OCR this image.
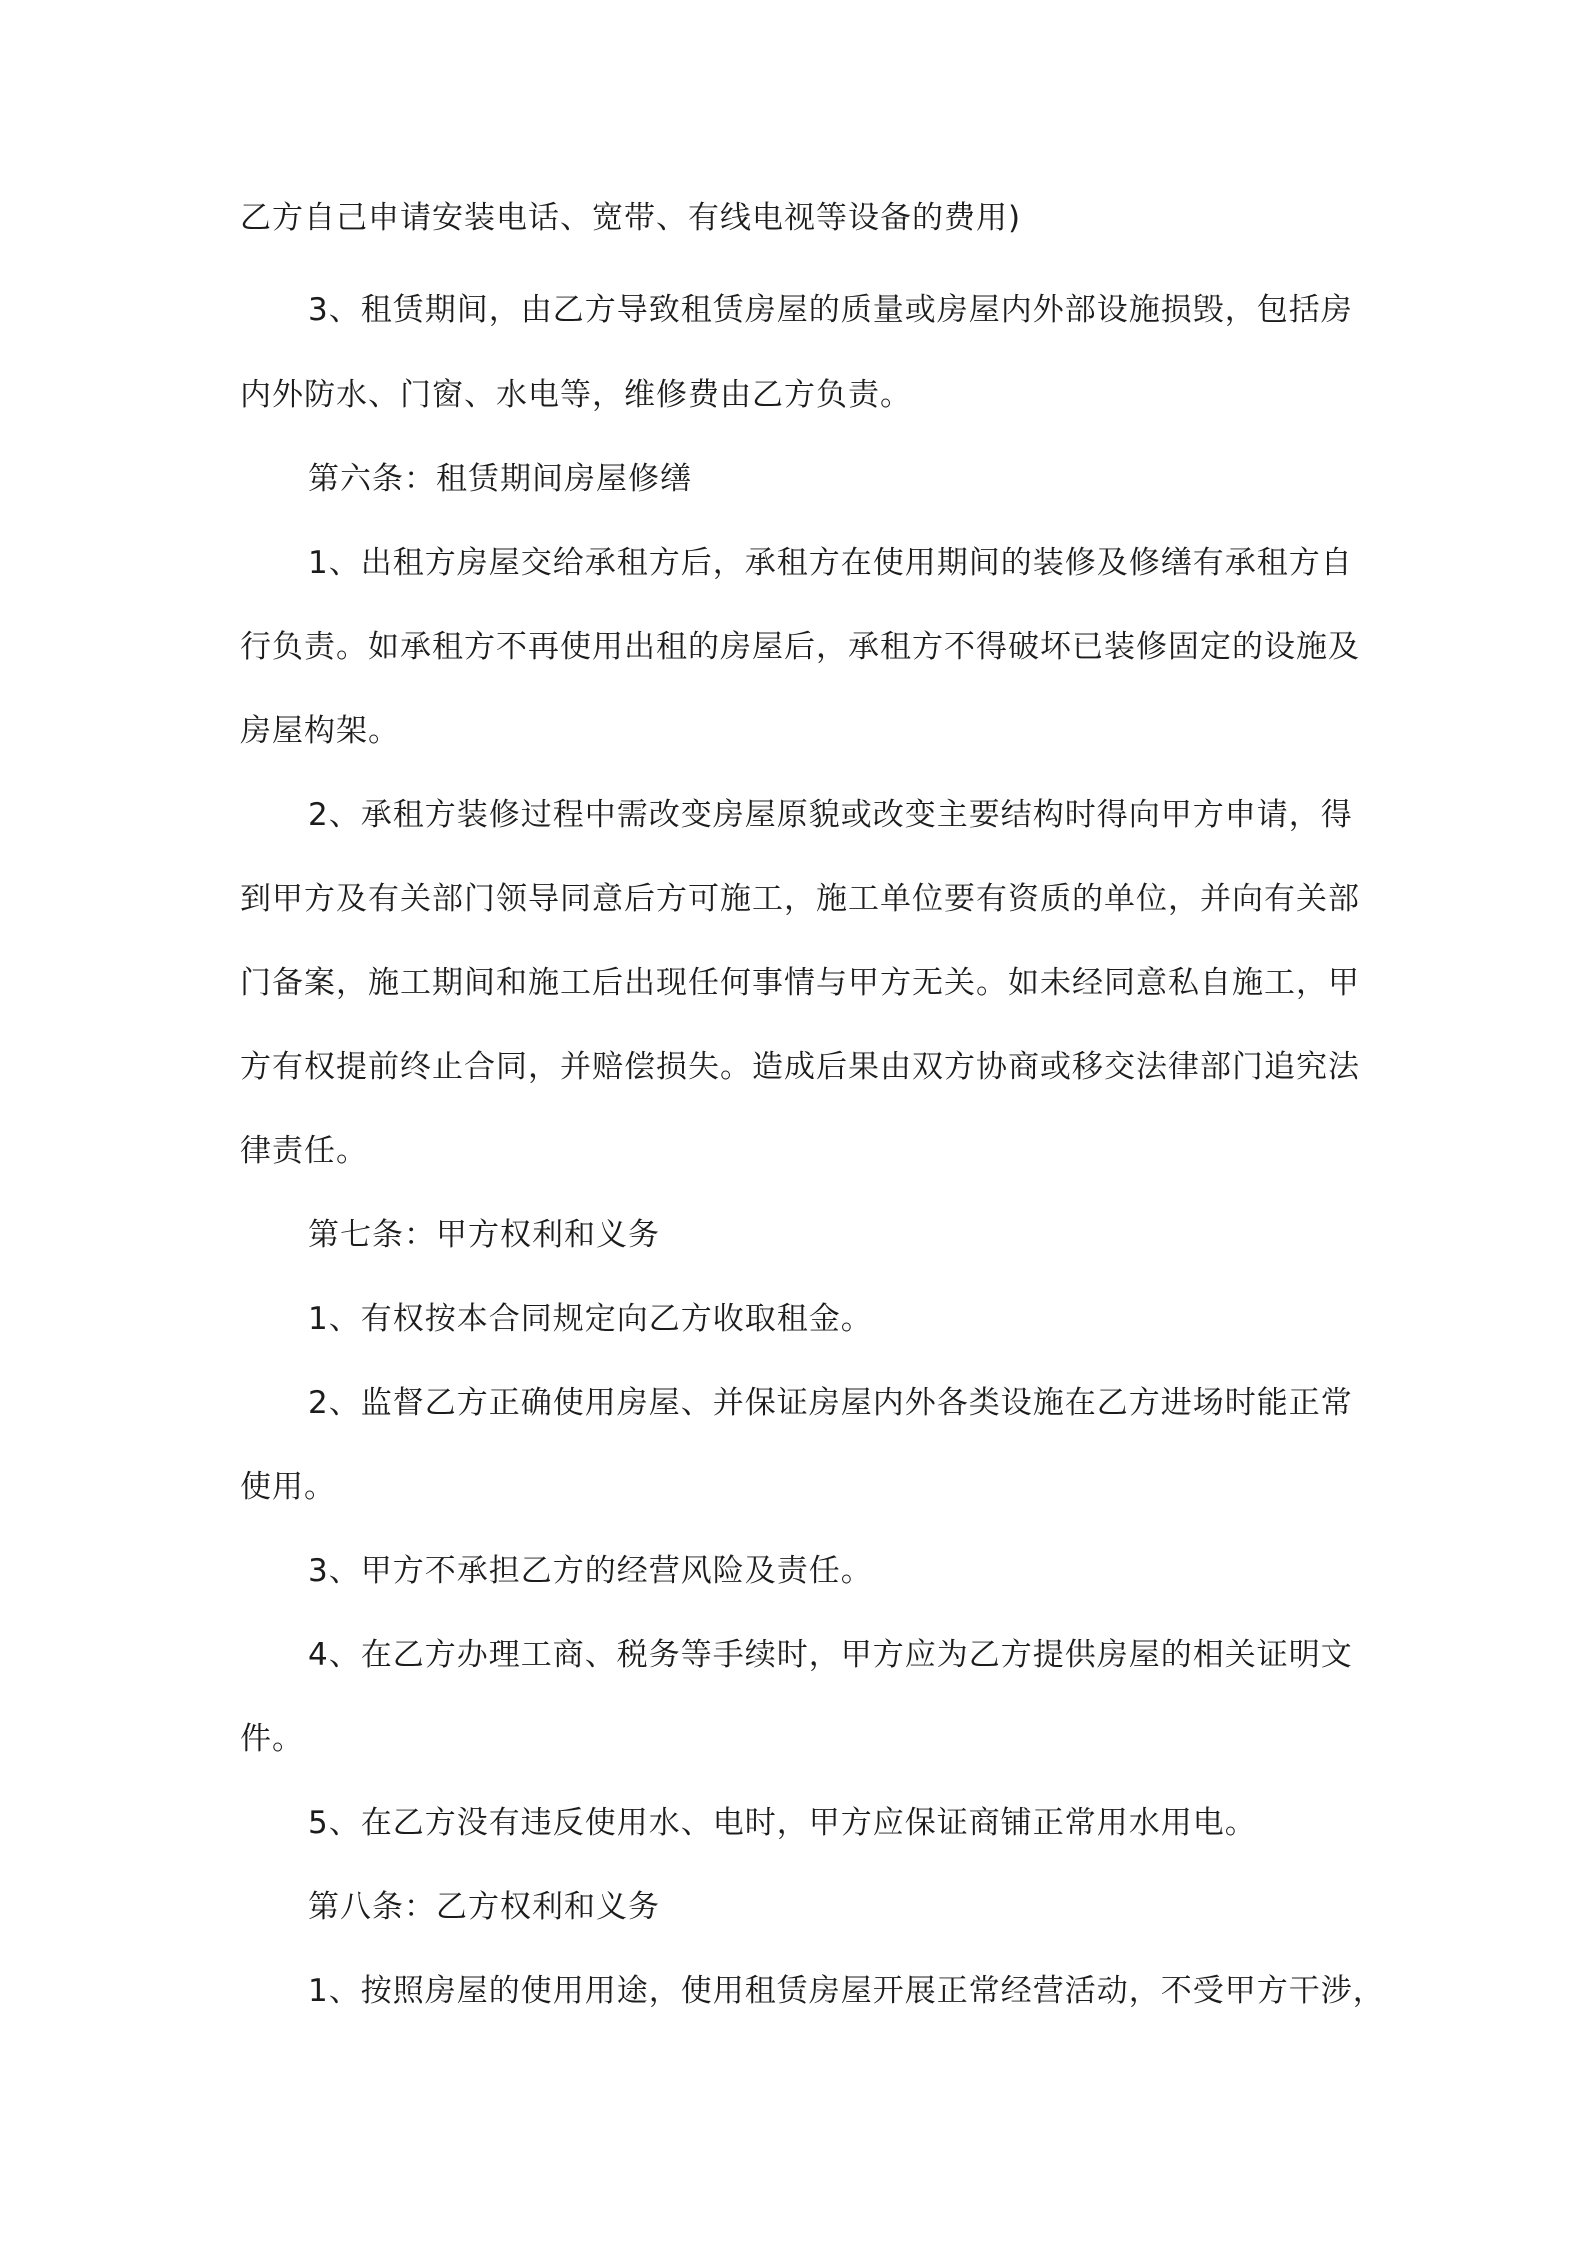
乙方自己申请安装电话、宽带、有线电视等设备的费用)
3、租赁期间，由乙方导致租赁房屋的质量或房屋内外部设施损毁，包括房
内外防水、门窗、水电等，维修费由乙方负责。
第六条：租赁期间房屋修缮
1、出租方房屋交给承租方后，承租方在使用期间的装修及修缮有承租方自
行负责。如承租方不再使用出租的房屋后，承租方不得破坏已装修固定的设施及
房屋构架。
2、承租方装修过程中需改变房屋原貌或改变主要结构时得向甲方申请，得
到甲方及有关部门领导同意后方可施工，施工单位要有资质的单位，并向有关部
门备案，施工期间和施工后出现任何事情与甲方无关。如未经同意私自施工，甲
方有权提前终止合同，并赔偿损失。造成后果由双方协商或移交法律部门追究法
律责任。
第七条：甲方权利和义务
1、有权按本合同规定向乙方收取租金。
2、监督乙方正确使用房屋、并保证房屋内外各类设施在乙方进场时能正常
使用。
3、甲方不承担乙方的经营风险及责任。
4、在乙方办理工商、税务等手续时，甲方应为乙方提供房屋的相关证明文
件。
5、在乙方没有违反使用水、电时，甲方应保证商铺正常用水用电。
第八条：乙方权利和义务
1、按照房屋的使用用途，使用租赁房屋开展正常经营活动，不受甲方干涉，
